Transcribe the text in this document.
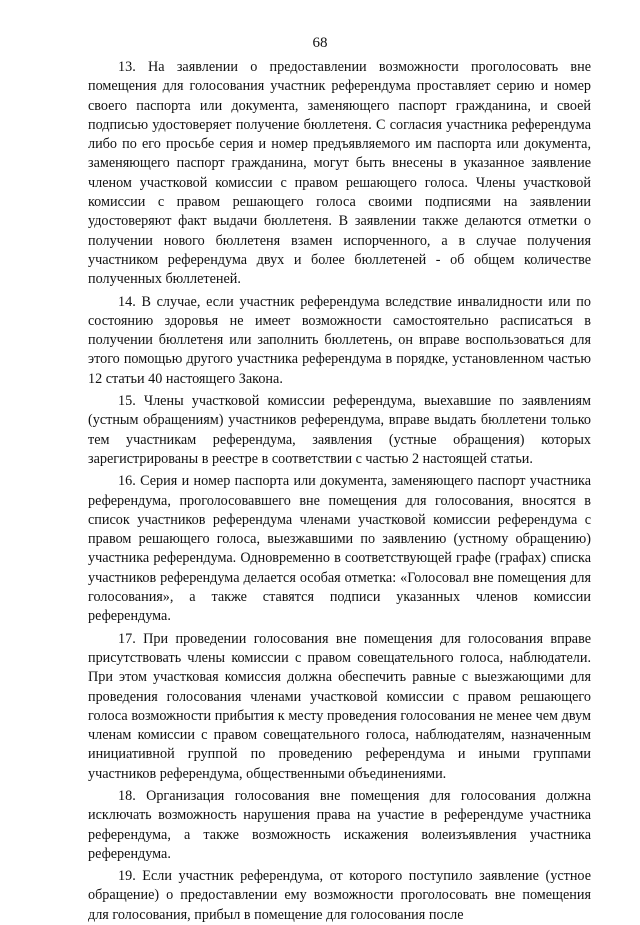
68

13. На заявлении о предоставлении возможности проголосовать вне помещения для голосования участник референдума проставляет серию и номер своего паспорта или документа, заменяющего паспорт гражданина, и своей подписью удостоверяет получение бюллетеня. С согласия участника референдума либо по его просьбе серия и номер предъявляемого им паспорта или документа, заменяющего паспорт гражданина, могут быть внесены в указанное заявление членом участковой комиссии с правом решающего голоса. Члены участковой комиссии с правом решающего голоса своими подписями на заявлении удостоверяют факт выдачи бюллетеня. В заявлении также делаются отметки о получении нового бюллетеня взамен испорченного, а в случае получения участником референдума двух и более бюллетеней - об общем количестве полученных бюллетеней.

14. В случае, если участник референдума вследствие инвалидности или по состоянию здоровья не имеет возможности самостоятельно расписаться в получении бюллетеня или заполнить бюллетень, он вправе воспользоваться для этого помощью другого участника референдума в порядке, установленном частью 12 статьи 40 настоящего Закона.

15. Члены участковой комиссии референдума, выехавшие по заявлениям (устным обращениям) участников референдума, вправе выдать бюллетени только тем участникам референдума, заявления (устные обращения) которых зарегистрированы в реестре в соответствии с частью 2 настоящей статьи.

16. Серия и номер паспорта или документа, заменяющего паспорт участника референдума, проголосовавшего вне помещения для голосования, вносятся в список участников референдума членами участковой комиссии референдума с правом решающего голоса, выезжавшими по заявлению (устному обращению) участника референдума. Одновременно в соответствующей графе (графах) списка участников референдума делается особая отметка: «Голосовал вне помещения для голосования», а также ставятся подписи указанных членов комиссии референдума.

17. При проведении голосования вне помещения для голосования вправе присутствовать члены комиссии с правом совещательного голоса, наблюдатели. При этом участковая комиссия должна обеспечить равные с выезжающими для проведения голосования членами участковой комиссии с правом решающего голоса возможности прибытия к месту проведения голосования не менее чем двум членам комиссии с правом совещательного голоса, наблюдателям, назначенным инициативной группой по проведению референдума и иными группами участников референдума, общественными объединениями.

18. Организация голосования вне помещения для голосования должна исключать возможность нарушения права на участие в референдуме участника референдума, а также возможность искажения волеизъявления участника референдума.

19. Если участник референдума, от которого поступило заявление (устное обращение) о предоставлении ему возможности проголосовать вне помещения для голосования, прибыл в помещение для голосования после
